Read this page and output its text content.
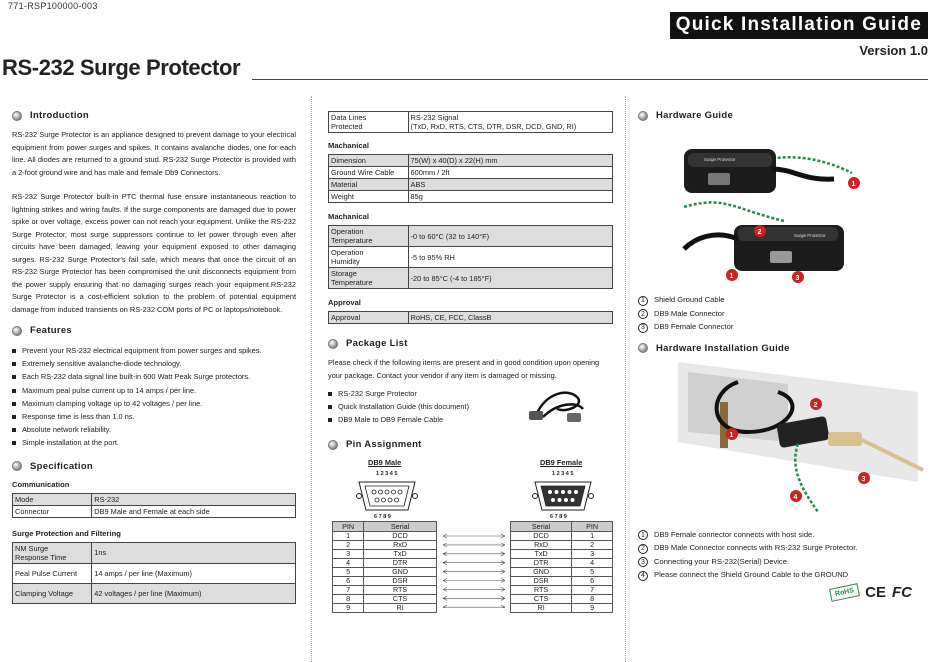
771-RSP100000-003
Quick Installation Guide
Version 1.0
RS-232 Surge Protector
Introduction

RS-232 Surge Protector is an appliance designed to prevent damage to your electrical equipment from power surges and spikes. It contains avalanche diodes, one for each line. All diodes are returned to a ground stud. RS-232 Surge Protector is provided with a 2-foot ground wire and has male and female Db9 Connectors.

RS-232 Surge Protector built-in PTC thermal fuse ensure instantaneous reaction to lightning strikes and wiring faults. If the surge components are damaged due to power spike or over voltage, excess power can not reach your equipment. Unlike the RS-232 Surge Protector, most surge suppressors continue to let power through even after circuits have been damaged, leaving your equipment exposed to other damaging surges. RS-232 Surge Protector's fail safe, which means that once the circuit of an RS-232 Surge Protector has been compromised the unit disconnects equipment from the power supply ensuring that no damaging surges reach your equipment.RS-232 Surge Protector is a cost-efficient solution to the problem of potential equipment damage from induced transients on RS-232 COM ports of PC or laptops/notebook.

Features
Prevent your RS-232 electrical equipment from power surges and spikes.
Extremely sensitive avalanche-diode technology.
Each RS-232 data signal line built-in 600 Watt Peak Surge protectors.
Maximum peal pulse current up to 14 amps / per line.
Maximum clamping voltage up to 42 voltages / per line.
Response time is less than 1.0 ns.
Absolute network reliability.
Simple installation at the port.
Specification
Communication
Mode	RS-232
Connector	DB9 Male and Female at each side
Surge Protection and Filtering
NM Surge
Response Time	1ns
Peal Pulse Current	14 amps / per line (Maximum)
Clamping Voltage	42 voltages / per line (Maximum)
Data Lines
Protected	RS-232 Signal
(TxD, RxD, RTS, CTS, DTR, DSR, DCD, GND, RI)
Machanical
Dimension	75(W) x 40(D) x 22(H) mm
Ground Wire Cable	600mm / 2ft
Material	ABS
Weight	85g
Machanical
Operation
Temperature	-0 to 60°C (32 to 140°F)
Operation
Humidity	-5 to 95% RH
Storage
Temperature	-20 to 85°C (-4 to 185°F)
Approval
Approval	RoHS, CE, FCC, ClassB
Package List

Please check if the following items are present and in good condition upon opening your package. Contact your vendor if any item is damaged or missing.

RS-232 Surge Protector
Quick Installation Guide (this document)
DB9 Male to DB9 Female Cable
Pin Assignment
DB9 Male	DB9 Female
1 2 3 4 5	1 2 3 4 5
6 7 8 9	6 7 8 9
PIN	Serial
1	DCD
2	RxD
3	TxD
4	DTR
5	GND
6	DSR
7	RTS
8	CTS
9	RI
Serial	PIN
DCD	1
RxD	2
TxD	3
DTR	4
GND	5
DSR	6
RTS	7
CTS	8
RI	9
Hardware Guide
Surge Protector
Surge Protector
1
2
1	3
1 Shield Ground Cable
2 DB9 Male Connector
3 DB9 Female Connector
Hardware Installation Guide
2
1
3
4
1 DB9 Female connector connects with host side.
2 DB9 Male Connector connects with RS-232 Surge Protector.
3 Connecting your RS-232(Serial) Device.
4 Please connect the Shield Ground Cable to the GROUND
RoHS CE FC
